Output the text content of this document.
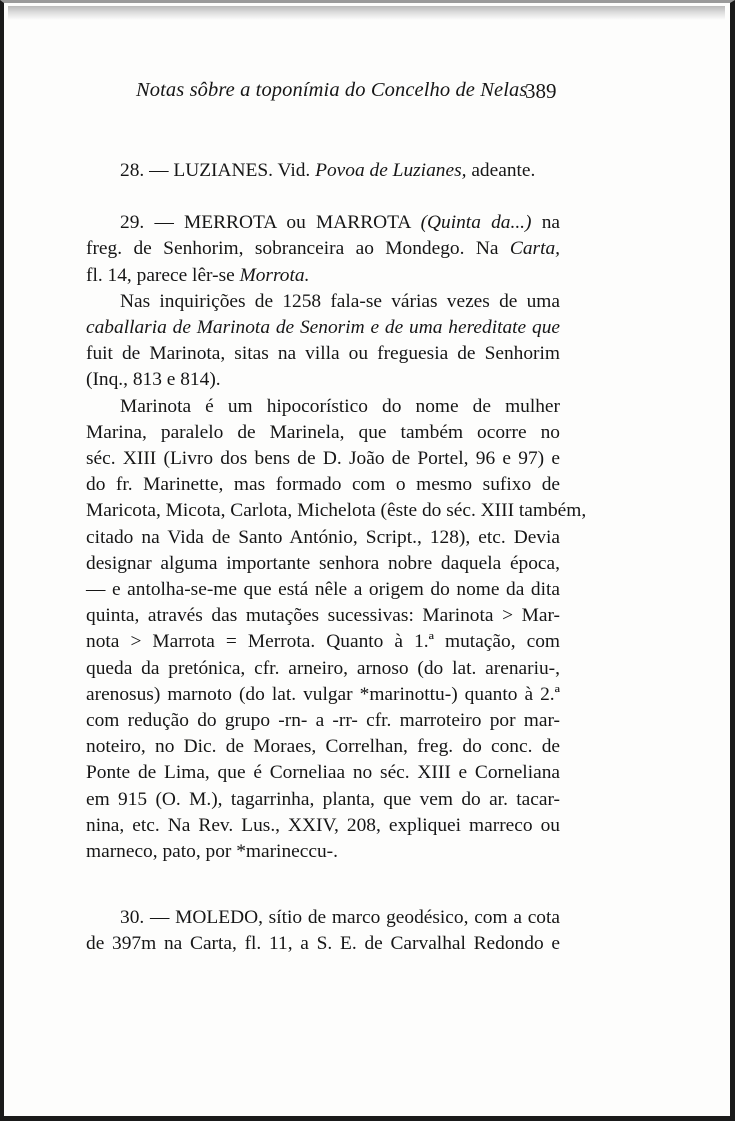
Notas sôbre a toponímia do Concelho de Nelas
389

28. — LUZIANES. Vid. Povoa de Luzianes, adeante.

29. — MERROTA ou MARROTA (Quinta da...) na
freg. de Senhorim, sobranceira ao Mondego. Na Carta,
fl. 14, parece lêr-se Morrota.

Nas inquirições de 1258 fala-se várias vezes de uma
caballaria de Marinota de Senorim e de uma hereditate que
fuit de Marinota, sitas na villa ou freguesia de Senhorim
(Inq., 813 e 814).

Marinota é um hipocorístico do nome de mulher
Marina, paralelo de Marinela, que também ocorre no
séc. XIII (Livro dos bens de D. João de Portel, 96 e 97) e
do fr. Marinette, mas formado com o mesmo sufixo de
Maricota, Micota, Carlota, Michelota (êste do séc. XIII também,
citado na Vida de Santo António, Script., 128), etc. Devia
designar alguma importante senhora nobre daquela época,
— e antolha-se-me que está nêle a origem do nome da dita
quinta, através das mutações sucessivas: Marinota > Mar-
nota > Marrota = Merrota. Quanto à 1.ª mutação, com
queda da pretónica, cfr. arneiro, arnoso (do lat. arenariu-,
arenosus) marnoto (do lat. vulgar *marinottu-) quanto à 2.ª
com redução do grupo -rn- a -rr- cfr. marroteiro por mar-
noteiro, no Dic. de Moraes, Correlhan, freg. do conc. de
Ponte de Lima, que é Corneliaa no séc. XIII e Corneliana
em 915 (O. M.), tagarrinha, planta, que vem do ar. tacar-
nina, etc. Na Rev. Lus., XXIV, 208, expliquei marreco ou
marneco, pato, por *marineccu-.

30. — MOLEDO, sítio de marco geodésico, com a cota
de 397m na Carta, fl. 11, a S. E. de Carvalhal Redondo e
